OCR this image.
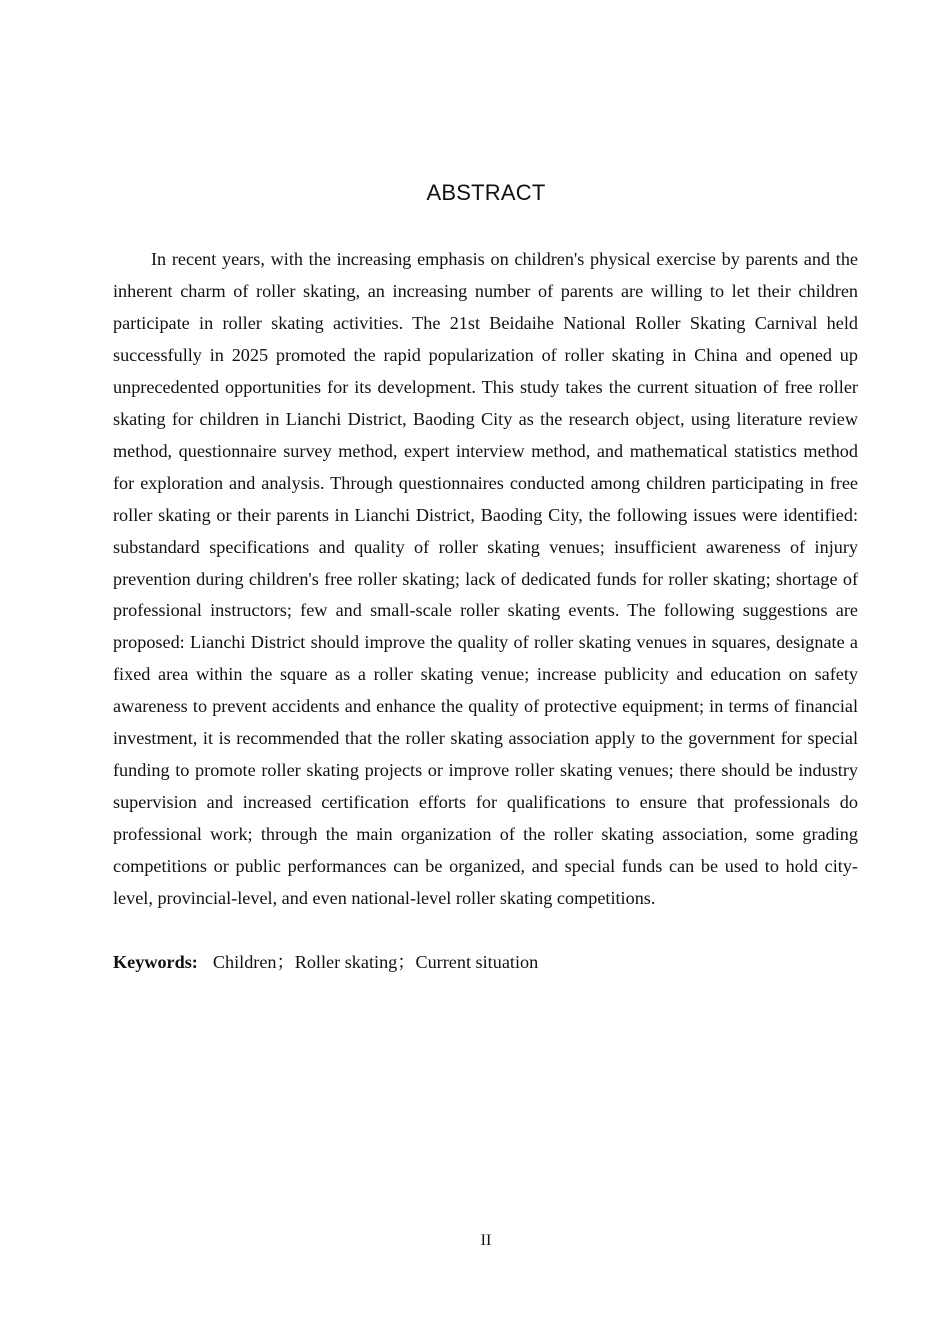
ABSTRACT

In recent years, with the increasing emphasis on children's physical exercise by parents and the inherent charm of roller skating, an increasing number of parents are willing to let their children participate in roller skating activities. The 21st Beidaihe National Roller Skating Carnival held successfully in 2025 promoted the rapid popularization of roller skating in China and opened up unprecedented opportunities for its development. This study takes the current situation of free roller skating for children in Lianchi District, Baoding City as the research object, using literature review method, questionnaire survey method, expert interview method, and mathematical statistics method for exploration and analysis. Through questionnaires conducted among children participating in free roller skating or their parents in Lianchi District, Baoding City, the following issues were identified: substandard specifications and quality of roller skating venues; insufficient awareness of injury prevention during children's free roller skating; lack of dedicated funds for roller skating; shortage of professional instructors; few and small-scale roller skating events. The following suggestions are proposed: Lianchi District should improve the quality of roller skating venues in squares, designate a fixed area within the square as a roller skating venue; increase publicity and education on safety awareness to prevent accidents and enhance the quality of protective equipment; in terms of financial investment, it is recommended that the roller skating association apply to the government for special funding to promote roller skating projects or improve roller skating venues; there should be industry supervision and increased certification efforts for qualifications to ensure that professionals do professional work; through the main organization of the roller skating association, some grading competitions or public performances can be organized, and special funds can be used to hold city-level, provincial-level, and even national-level roller skating competitions.

Keywords: Children；Roller skating；Current situation

II
